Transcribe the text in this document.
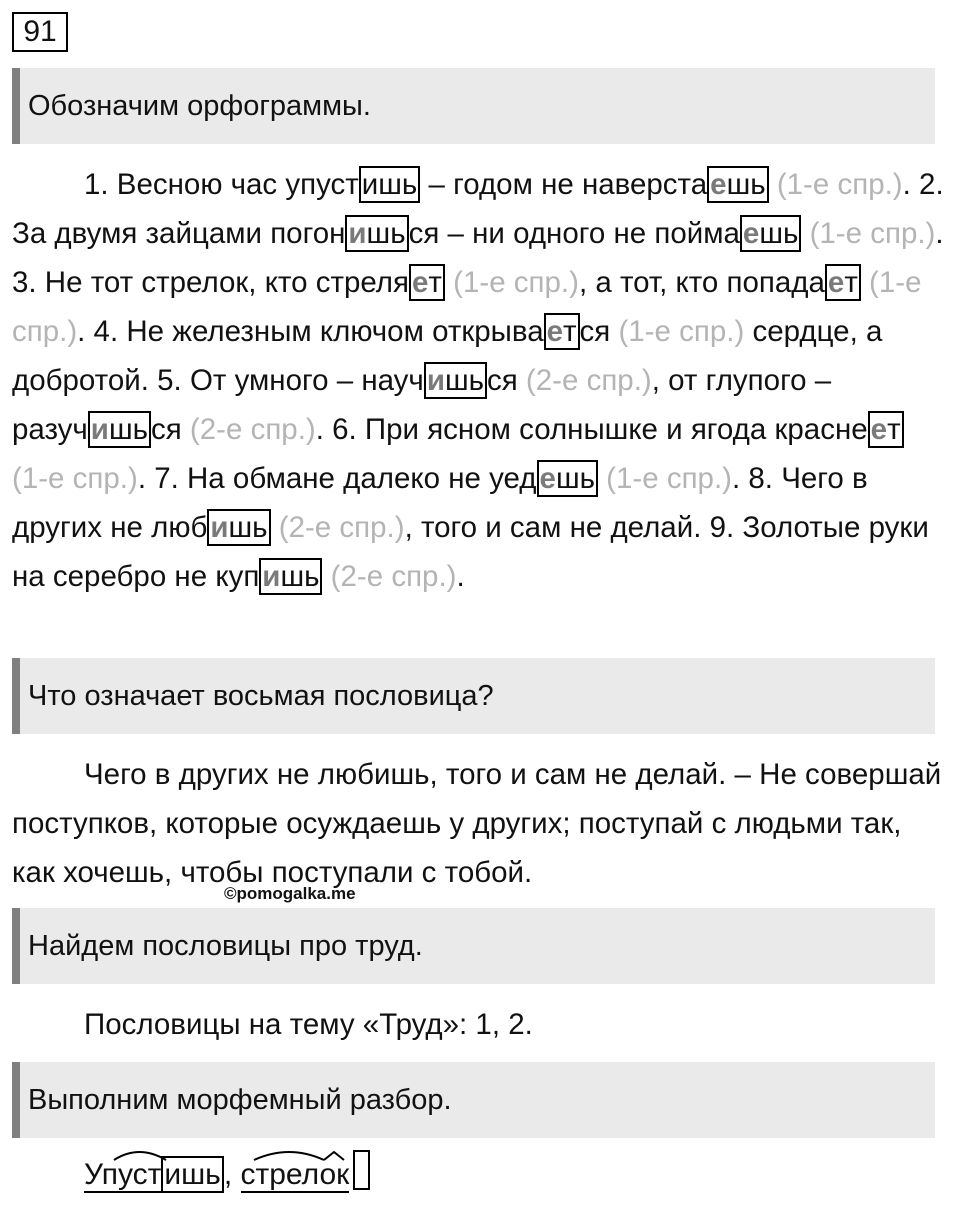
91
Обозначим орфограммы.
1. Весною час упуст ишь – годом не наверста ешь (1-е спр.). 2. За двумя зайцами погон ишь ся – ни одного не пойма ешь (1-е спр.). 3. Не тот стрелок, кто стреля ет (1-е спр.), а тот, кто попада ет (1-е спр.). 4. Не железным ключом открыва ет ся (1-е спр.) сердце, а добротой. 5. От умного – науч ишь ся (2-е спр.), от глупого – разуч ишь ся (2-е спр.). 6. При ясном солнышке и ягода красне ет (1-е спр.). 7. На обмане далеко не уед ешь (1-е спр.). 8. Чего в других не люб ишь (2-е спр.), того и сам не делай. 9. Золотые руки на серебро не куп ишь (2-е спр.).
Что означает восьмая пословица?
Чего в других не любишь, того и сам не делай. – Не совершай поступков, которые осуждаешь у других; поступай с людьми так, как хочешь, чтобы поступали с тобой.
©pomogalka.me
Найдем пословицы про труд.
Пословицы на тему «Труд»: 1, 2.
Выполним морфемный разбор.
Упуст ишь , стрелок
